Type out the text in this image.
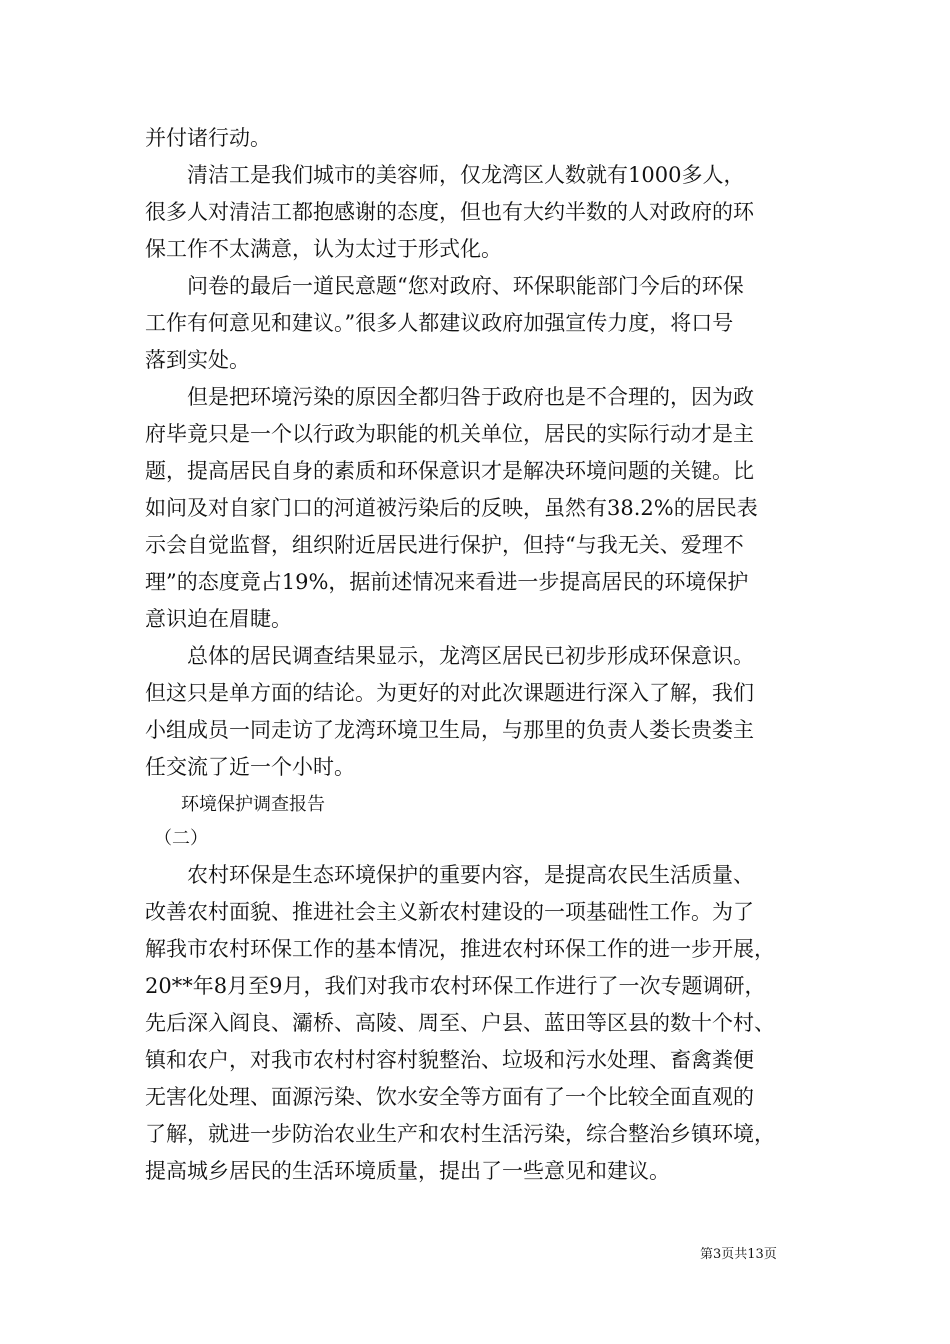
并付诸行动。
　　清洁工是我们城市的美容师，仅龙湾区人数就有1000多人，
很多人对清洁工都抱感谢的态度，但也有大约半数的人对政府的环
保工作不太满意，认为太过于形式化。
　　问卷的最后一道民意题“您对政府、环保职能部门今后的环保
工作有何意见和建议。”很多人都建议政府加强宣传力度，将口号
落到实处。
　　但是把环境污染的原因全都归咎于政府也是不合理的，因为政
府毕竟只是一个以行政为职能的机关单位，居民的实际行动才是主
题，提高居民自身的素质和环保意识才是解决环境问题的关键。比
如问及对自家门口的河道被污染后的反映，虽然有38.2%的居民表
示会自觉监督，组织附近居民进行保护，但持“与我无关、爱理不
理”的态度竟占19%，据前述情况来看进一步提高居民的环境保护
意识迫在眉睫。
　　总体的居民调查结果显示，龙湾区居民已初步形成环保意识。
但这只是单方面的结论。为更好的对此次课题进行深入了解，我们
小组成员一同走访了龙湾环境卫生局，与那里的负责人娄长贵娄主
任交流了近一个小时。
　　环境保护调查报告
　（二）
　　农村环保是生态环境保护的重要内容，是提高农民生活质量、
改善农村面貌、推进社会主义新农村建设的一项基础性工作。为了
解我市农村环保工作的基本情况，推进农村环保工作的进一步开展，
20**年8月至9月，我们对我市农村环保工作进行了一次专题调研，
先后深入阎良、灞桥、高陵、周至、户县、蓝田等区县的数十个村、
镇和农户，对我市农村村容村貌整治、垃圾和污水处理、畜禽粪便
无害化处理、面源污染、饮水安全等方面有了一个比较全面直观的
了解，就进一步防治农业生产和农村生活污染，综合整治乡镇环境，
提高城乡居民的生活环境质量，提出了一些意见和建议。
第3页共13页
